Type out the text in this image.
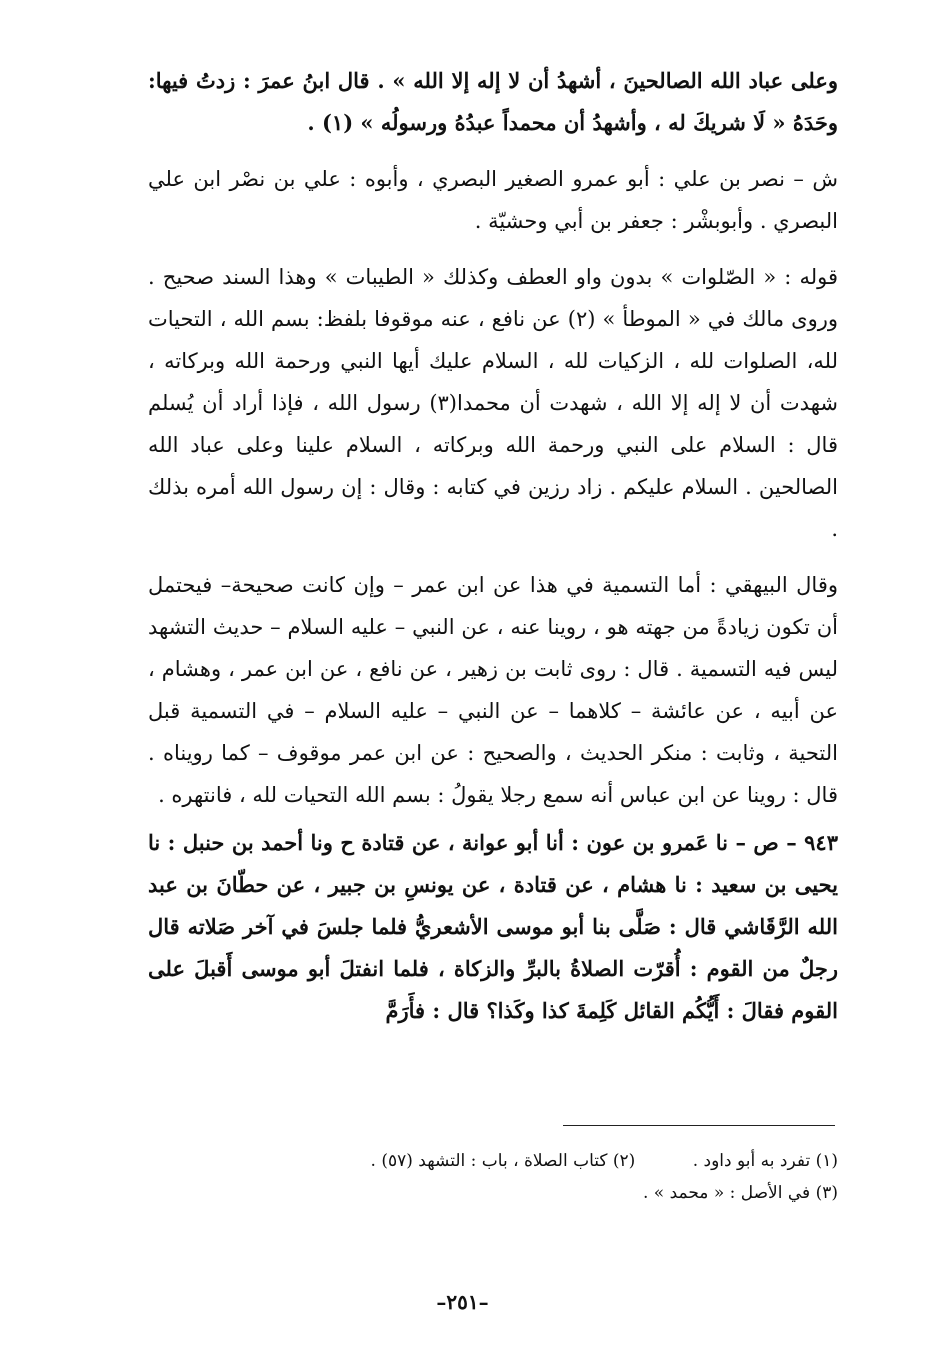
وعلى عباد الله الصالحينَ ، أشهدُ أن لا إله إلا الله » . قال ابنُ عمرَ : زدتُ فيها: وحَدَهُ « لَا شريكَ له ، وأشهدُ أن محمداً عبدُهُ ورسولُه » (١) .

ش – نصر بن علي : أبو عمرو الصغير البصري ، وأبوه : علي بن نصْر ابن علي البصري . وأبوبشْر : جعفر بن أبي وحشيّة .

قوله : « الصّلوات » بدون واو العطف وكذلك « الطيبات » وهذا السند صحيح . وروى مالك في « الموطأ » (٢) عن نافع ، عنه موقوفا بلفظ: بسم الله ، التحيات لله، الصلوات لله ، الزكيات لله ، السلام عليك أيها النبي ورحمة الله وبركاته ، شهدت أن لا إله إلا الله ، شهدت أن محمدا(٣) رسول الله ، فإذا أراد أن يُسلم قال : السلام على النبي ورحمة الله وبركاته ، السلام علينا وعلى عباد الله الصالحين . السلام عليكم . زاد رزين في كتابه : وقال : إن رسول الله أمره بذلك .

وقال البيهقي : أما التسمية في هذا عن ابن عمر – وإن كانت صحيحة– فيحتمل أن تكون زيادةً من جهته هو ، روينا عنه ، عن النبي – عليه السلام – حديث التشهد ليس فيه التسمية . قال : روى ثابت بن زهير ، عن نافع ، عن ابن عمر ، وهشام ، عن أبيه ، عن عائشة – كلاهما – عن النبي – عليه السلام – في التسمية قبل التحية ، وثابت : منكر الحديث ، والصحيح : عن ابن عمر موقوف – كما رويناه . قال : روينا عن ابن عباس أنه سمع رجلا يقولُ : بسم الله التحيات لله ، فانتهره .

٩٤٣ – ص – نا عَمرو بن عون : أنا أبو عوانة ، عن قتادة ح ونا أحمد بن حنبل : نا يحيى بن سعيد : نا هشام ، عن قتادة ، عن يونسِ بن جبير ، عن حطّانَ بن عبد الله الرَّقَاشي قال : صَلَّى بنا أبو موسى الأشعريُّ فلما جلسَ في آخر صَلاته قال رجلٌ من القوم : أُقرّت الصلاةُ بالبرِّ والزكاة ، فلما انفتلَ أبو موسى أَقبلَ على القوم فقالَ : أَيُّكُم القائل كَلِمةَ كذا وكَذا؟ قال : فأَرَمَّ

(١) تفرد به أبو داود . (٢) كتاب الصلاة ، باب : التشهد (٥٧) .
(٣) في الأصل : « محمد » .
–٢٥١–
